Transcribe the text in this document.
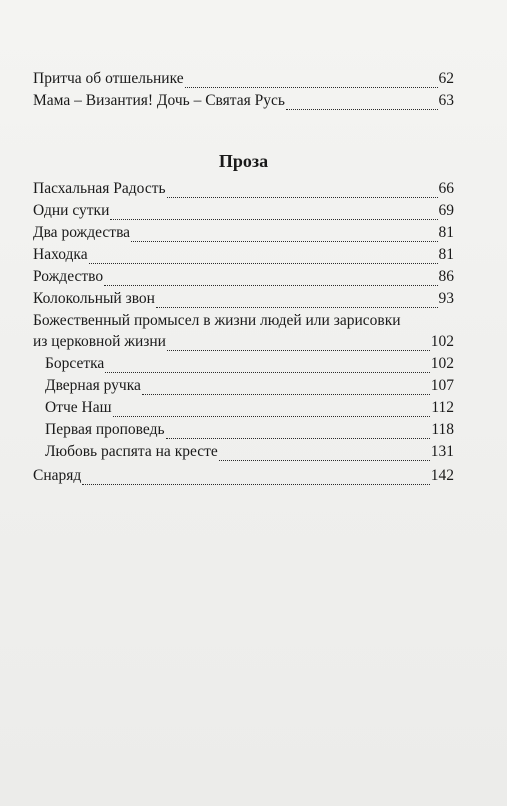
Притча об отшельнике	62
Мама – Византия! Дочь – Святая Русь	63
Проза
Пасхальная Радость	66
Одни сутки	69
Два рождества	81
Находка	81
Рождество	86
Колокольный звон	93
Божественный промысел в жизни людей или зарисовки
из церковной жизни	102
Борсетка	102
Дверная ручка	107
Отче Наш	112
Первая проповедь	118
Любовь распята на кресте	131
Снаряд	142
